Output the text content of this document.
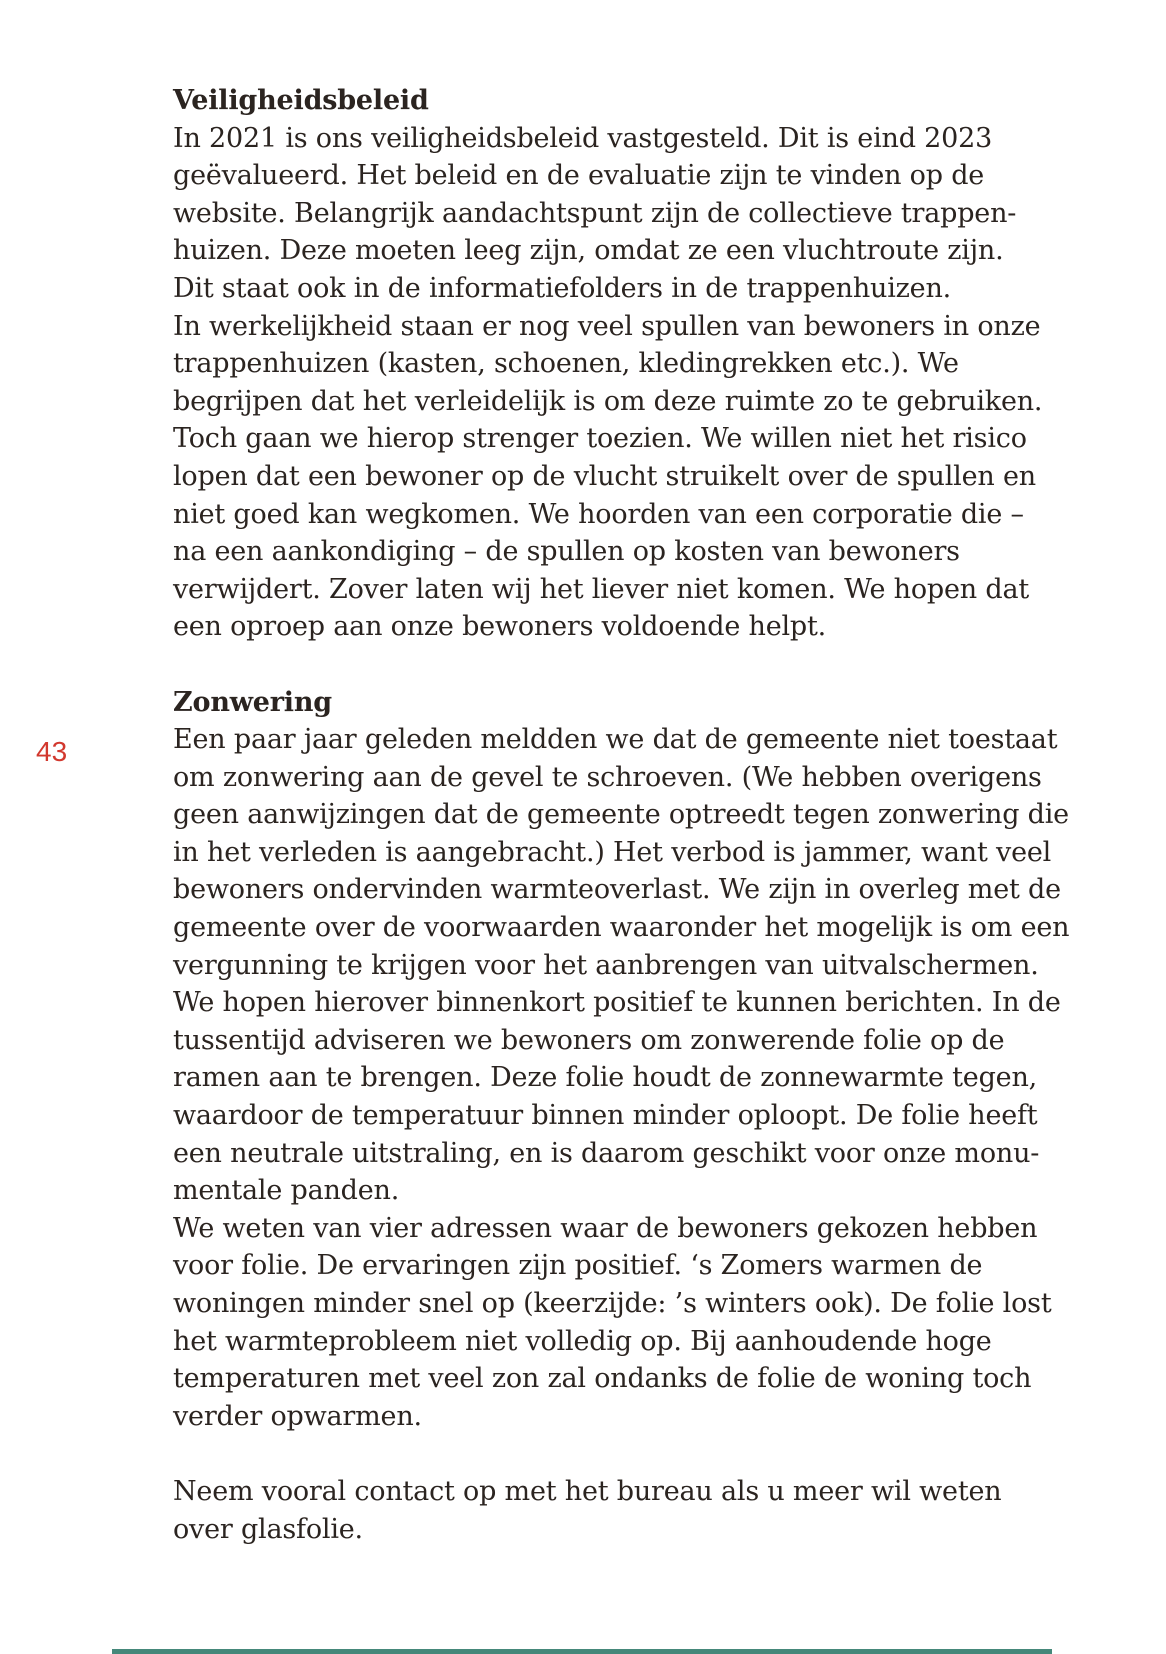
43
Veiligheidsbeleid
In 2021 is ons veiligheidsbeleid vastgesteld. Dit is eind 2023
geëvalueerd. Het beleid en de evaluatie zijn te vinden op de
website. Belangrijk aandachtspunt zijn de collectieve trappen-
huizen. Deze moeten leeg zijn, omdat ze een vluchtroute zijn.
Dit staat ook in de informatiefolders in de trappenhuizen.
In werkelijkheid staan er nog veel spullen van bewoners in onze
trappenhuizen (kasten, schoenen, kledingrekken etc.). We
begrijpen dat het verleidelijk is om deze ruimte zo te gebruiken.
Toch gaan we hierop strenger toezien. We willen niet het risico
lopen dat een bewoner op de vlucht struikelt over de spullen en
niet goed kan wegkomen. We hoorden van een corporatie die –
na een aankondiging – de spullen op kosten van bewoners
verwijdert. Zover laten wij het liever niet komen. We hopen dat
een oproep aan onze bewoners voldoende helpt.
Zonwering
Een paar jaar geleden meldden we dat de gemeente niet toestaat
om zonwering aan de gevel te schroeven. (We hebben overigens
geen aanwijzingen dat de gemeente optreedt tegen zonwering die
in het verleden is aangebracht.) Het verbod is jammer, want veel
bewoners ondervinden warmteoverlast. We zijn in overleg met de
gemeente over de voorwaarden waaronder het mogelijk is om een
vergunning te krijgen voor het aanbrengen van uitvalschermen.
We hopen hierover binnenkort positief te kunnen berichten. In de
tussentijd adviseren we bewoners om zonwerende folie op de
ramen aan te brengen. Deze folie houdt de zonnewarmte tegen,
waardoor de temperatuur binnen minder oploopt. De folie heeft
een neutrale uitstraling, en is daarom geschikt voor onze monu-
mentale panden.
We weten van vier adressen waar de bewoners gekozen hebben
voor folie. De ervaringen zijn positief. ‘s Zomers warmen de
woningen minder snel op (keerzijde: ’s winters ook). De folie lost
het warmteprobleem niet volledig op. Bij aanhoudende hoge
temperaturen met veel zon zal ondanks de folie de woning toch
verder opwarmen.
Neem vooral contact op met het bureau als u meer wil weten
over glasfolie.
